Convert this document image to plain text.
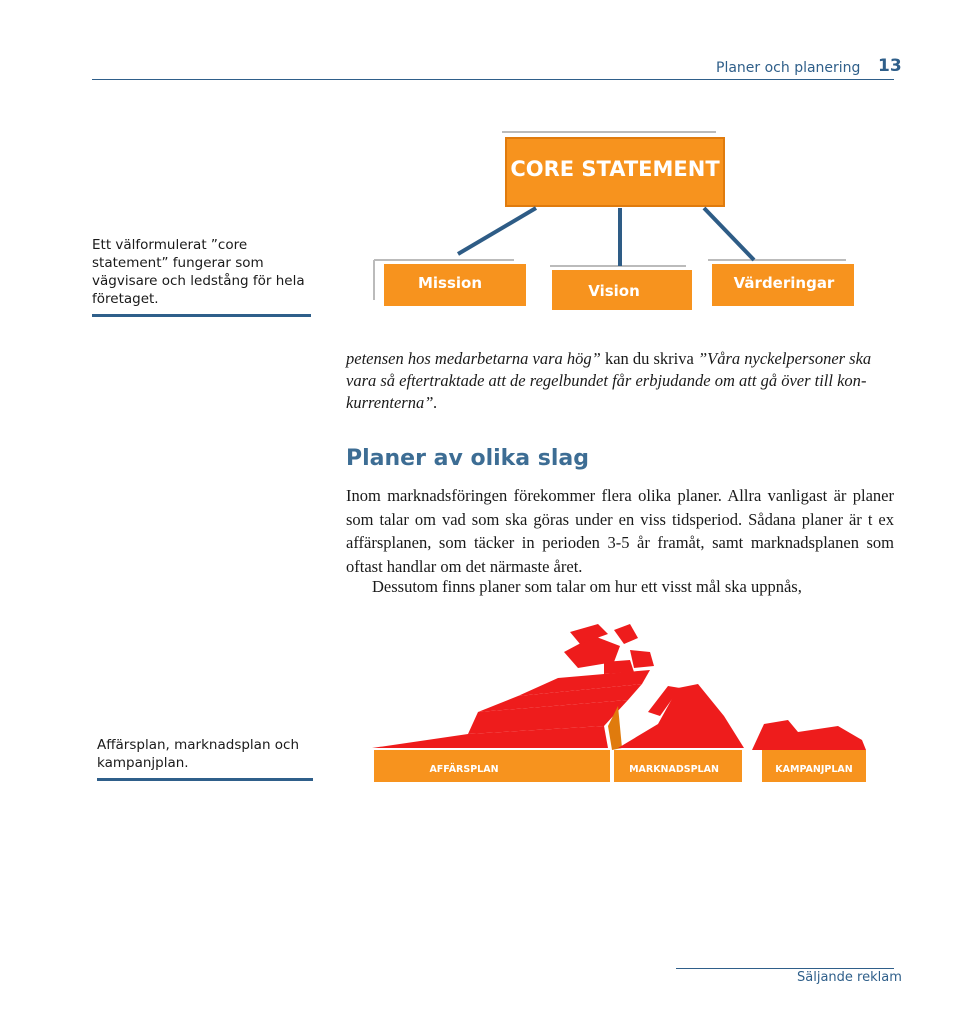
Planer och planering 13
Ett välformulerat ”core statement” fungerar som vägvisare och ledstång för hela företaget.
CORE STATEMENT
Mission	Vision	Värderingar
petensen hos medarbetarna vara hög” kan du skriva ”Våra nyckelpersoner ska vara så eftertraktade att de regelbundet får erbjudande om att gå över till konkurrenterna”.
Planer av olika slag
Inom marknadsföringen förekommer flera olika planer. Allra vanligast är planer som talar om vad som ska göras under en viss tidsperiod. Sådana planer är t ex affärsplanen, som täcker in perioden 3-5 år framåt, samt marknadsplanen som oftast handlar om det närmaste året.
Dessutom finns planer som talar om hur ett visst mål ska uppnås,
Affärsplan, marknadsplan och kampanjplan.	AFFÄRSPLAN	MARKNADSPLAN	KAMPANJPLAN
Säljande reklam
